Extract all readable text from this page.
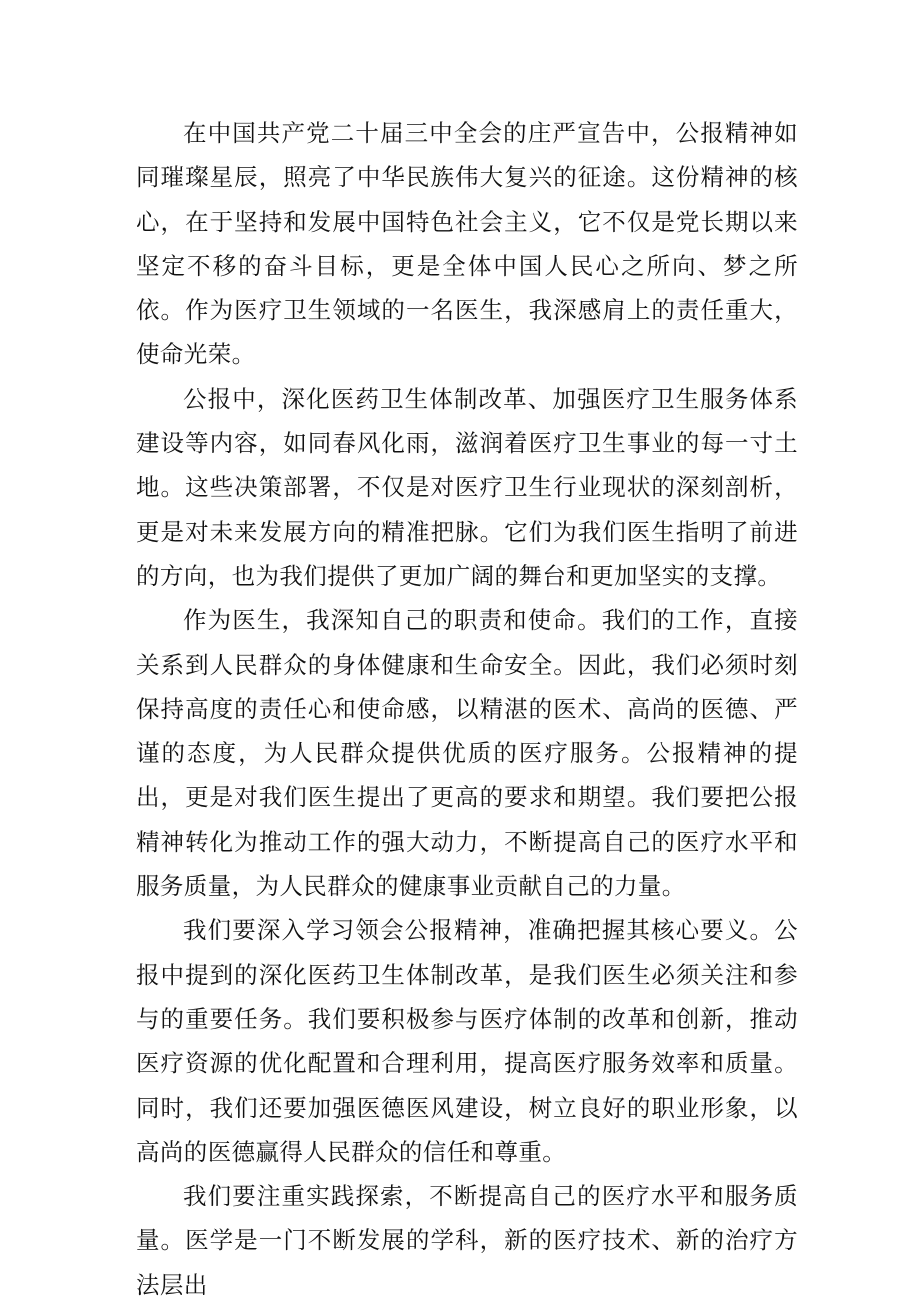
在中国共产党二十届三中全会的庄严宣告中，公报精神如同璀璨星辰，照亮了中华民族伟大复兴的征途。这份精神的核心，在于坚持和发展中国特色社会主义，它不仅是党长期以来坚定不移的奋斗目标，更是全体中国人民心之所向、梦之所依。作为医疗卫生领域的一名医生，我深感肩上的责任重大，使命光荣。

公报中，深化医药卫生体制改革、加强医疗卫生服务体系建设等内容，如同春风化雨，滋润着医疗卫生事业的每一寸土地。这些决策部署，不仅是对医疗卫生行业现状的深刻剖析，更是对未来发展方向的精准把脉。它们为我们医生指明了前进的方向，也为我们提供了更加广阔的舞台和更加坚实的支撑。

作为医生，我深知自己的职责和使命。我们的工作，直接关系到人民群众的身体健康和生命安全。因此，我们必须时刻保持高度的责任心和使命感，以精湛的医术、高尚的医德、严谨的态度，为人民群众提供优质的医疗服务。公报精神的提出，更是对我们医生提出了更高的要求和期望。我们要把公报精神转化为推动工作的强大动力，不断提高自己的医疗水平和服务质量，为人民群众的健康事业贡献自己的力量。

我们要深入学习领会公报精神，准确把握其核心要义。公报中提到的深化医药卫生体制改革，是我们医生必须关注和参与的重要任务。我们要积极参与医疗体制的改革和创新，推动医疗资源的优化配置和合理利用，提高医疗服务效率和质量。同时，我们还要加强医德医风建设，树立良好的职业形象，以高尚的医德赢得人民群众的信任和尊重。

我们要注重实践探索，不断提高自己的医疗水平和服务质量。医学是一门不断发展的学科，新的医疗技术、新的治疗方法层出
